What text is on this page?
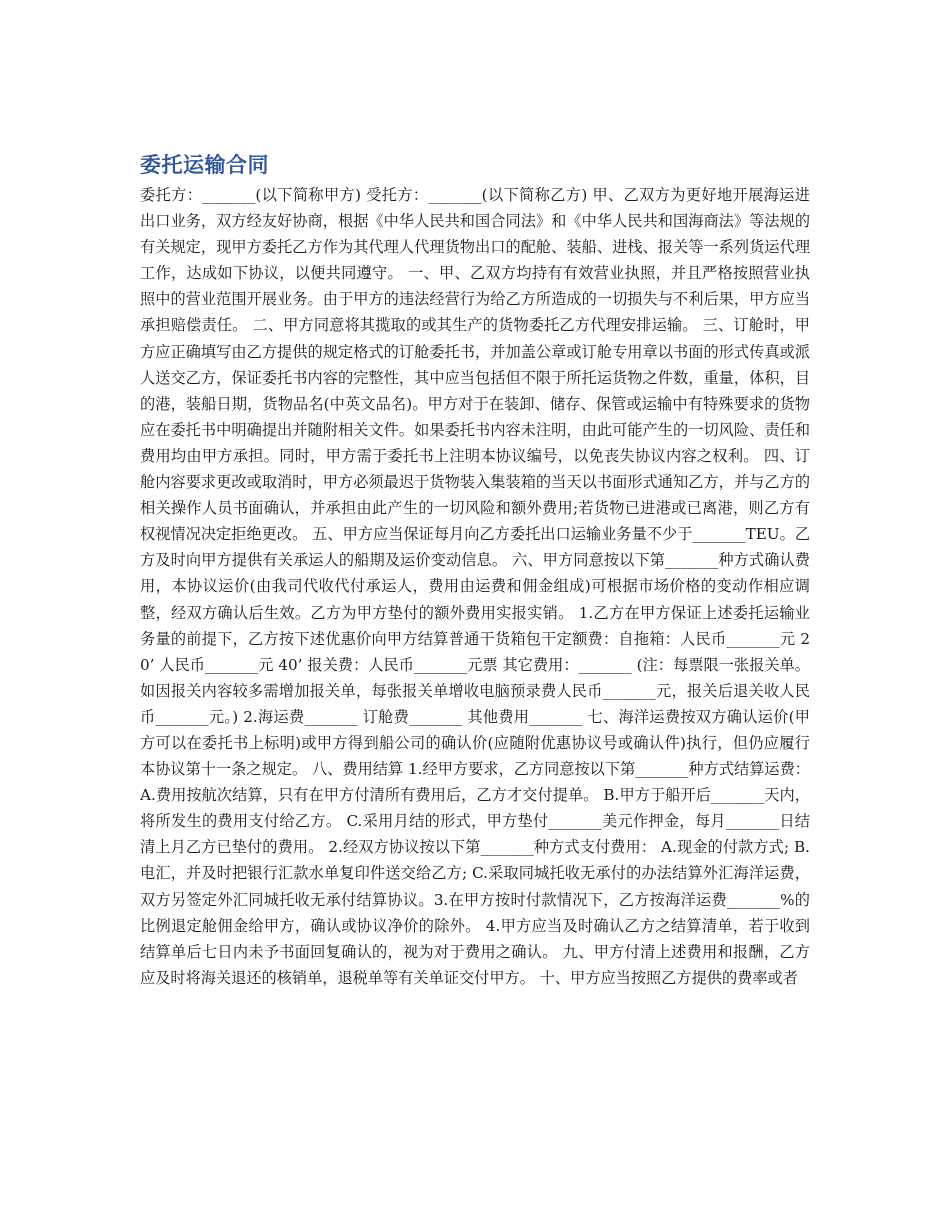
委托运输合同

委托方：_______(以下简称甲方) 受托方：_______(以下简称乙方) 甲、乙双方为更好地开展海运进出口业务，双方经友好协商，根据《中华人民共和国合同法》和《中华人民共和国海商法》等法规的有关规定，现甲方委托乙方作为其代理人代理货物出口的配舱、装船、进栈、报关等一系列货运代理工作，达成如下协议，以便共同遵守。 一、甲、乙双方均持有有效营业执照，并且严格按照营业执照中的营业范围开展业务。由于甲方的违法经营行为给乙方所造成的一切损失与不利后果，甲方应当承担赔偿责任。 二、甲方同意将其揽取的或其生产的货物委托乙方代理安排运输。 三、订舱时，甲方应正确填写由乙方提供的规定格式的订舱委托书，并加盖公章或订舱专用章以书面的形式传真或派人送交乙方，保证委托书内容的完整性，其中应当包括但不限于所托运货物之件数，重量，体积，目的港，装船日期，货物品名(中英文品名)。甲方对于在装卸、储存、保管或运输中有特殊要求的货物应在委托书中明确提出并随附相关文件。如果委托书内容未注明，由此可能产生的一切风险、责任和费用均由甲方承担。同时，甲方需于委托书上注明本协议编号，以免丧失协议内容之权利。 四、订舱内容要求更改或取消时，甲方必须最迟于货物装入集装箱的当天以书面形式通知乙方，并与乙方的相关操作人员书面确认，并承担由此产生的一切风险和额外费用;若货物已进港或已离港，则乙方有权视情况决定拒绝更改。 五、甲方应当保证每月向乙方委托出口运输业务量不少于_______TEU。乙方及时向甲方提供有关承运人的船期及运价变动信息。 六、甲方同意按以下第_______种方式确认费用，本协议运价(由我司代收代付承运人，费用由运费和佣金组成)可根据市场价格的变动作相应调整，经双方确认后生效。乙方为甲方垫付的额外费用实报实销。 1.乙方在甲方保证上述委托运输业务量的前提下，乙方按下述优惠价向甲方结算普通干货箱包干定额费：自拖箱：人民币_______元 20’ 人民币_______元 40’ 报关费：人民币_______元票 其它费用：_______ (注：每票限一张报关单。如因报关内容较多需增加报关单，每张报关单增收电脑预录费人民币_______元，报关后退关收人民币_______元。) 2.海运费_______ 订舱费_______ 其他费用_______ 七、海洋运费按双方确认运价(甲方可以在委托书上标明)或甲方得到船公司的确认价(应随附优惠协议号或确认件)执行，但仍应履行本协议第十一条之规定。 八、费用结算 1.经甲方要求，乙方同意按以下第_______种方式结算运费：A.费用按航次结算，只有在甲方付清所有费用后，乙方才交付提单。 B.甲方于船开后_______天内，将所发生的费用支付给乙方。 C.采用月结的形式，甲方垫付_______美元作押金，每月_______日结清上月乙方已垫付的费用。 2.经双方协议按以下第_______种方式支付费用： A.现金的付款方式; B.电汇，并及时把银行汇款水单复印件送交给乙方; C.采取同城托收无承付的办法结算外汇海洋运费，双方另签定外汇同城托收无承付结算协议。3.在甲方按时付款情况下，乙方按海洋运费_______%的比例退定舱佣金给甲方，确认或协议净价的除外。 4.甲方应当及时确认乙方之结算清单，若于收到结算单后七日内未予书面回复确认的，视为对于费用之确认。 九、甲方付清上述费用和报酬，乙方应及时将海关退还的核销单，退税单等有关单证交付甲方。 十、甲方应当按照乙方提供的费率或者
